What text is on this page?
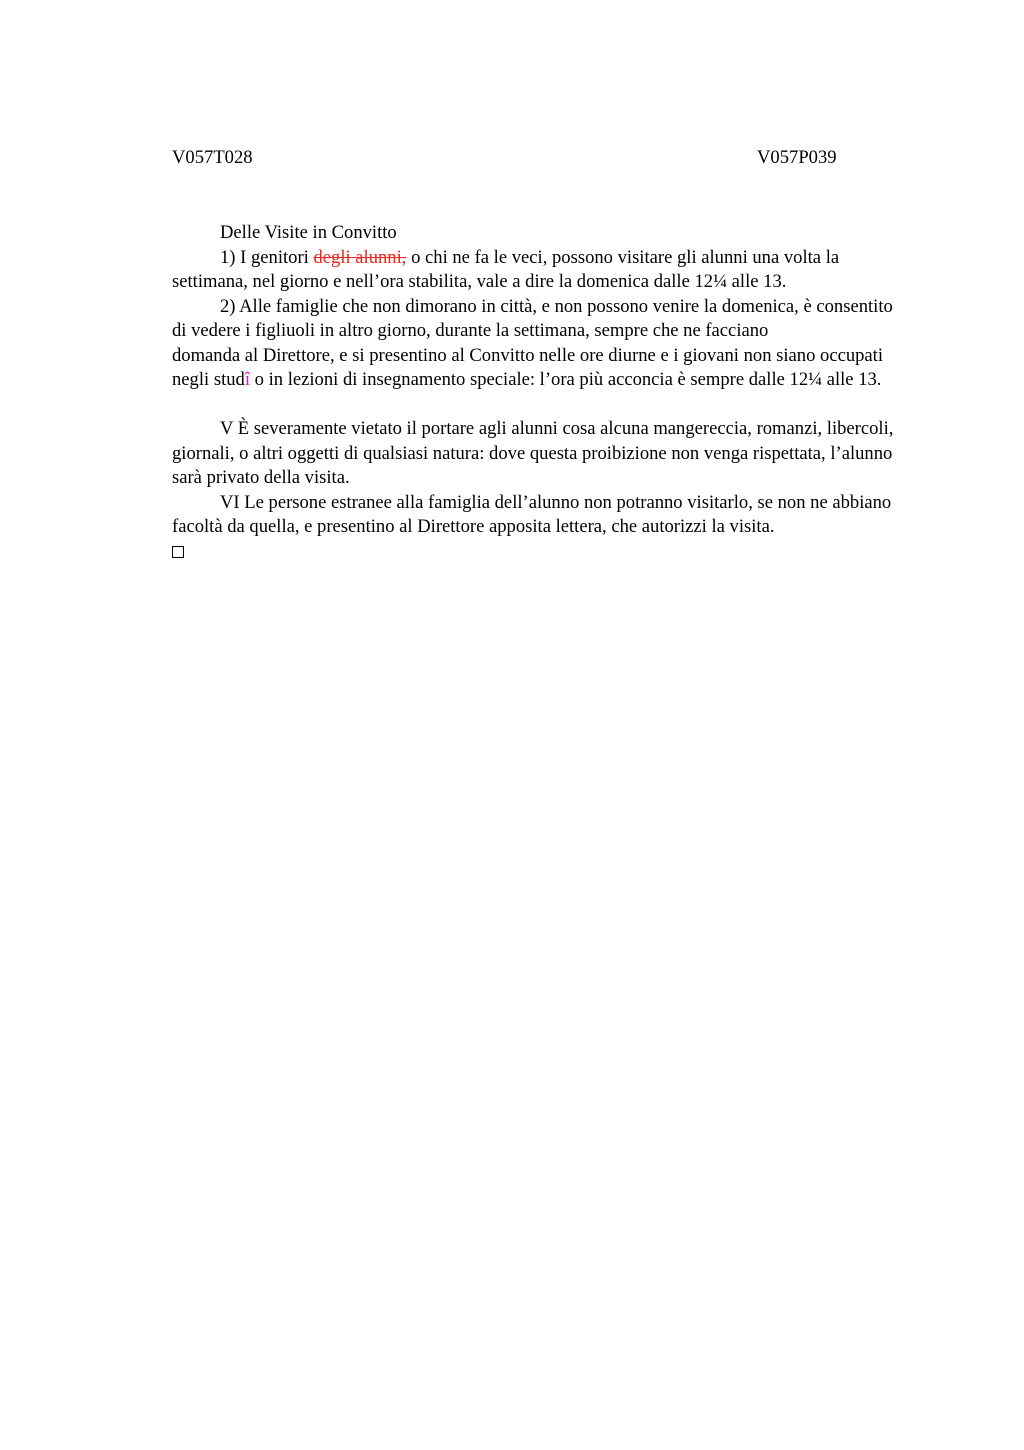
V057T028	V057P039

Delle Visite in Convitto

1) I genitori degli alunni, o chi ne fa le veci, possono visitare gli alunni una volta la settimana, nel giorno e nell’ora stabilita, vale a dire la domenica dalle 12¼ alle 13.

2) Alle famiglie che non dimorano in città, e non possono venire la domenica, è consentito di vedere i figliuoli in altro giorno, durante la settimana, sempre che ne facciano

domanda al Direttore, e si presentino al Convitto nelle ore diurne e i giovani non siano occupati negli studî o in lezioni di insegnamento speciale: l’ora più acconcia è sempre dalle 12¼ alle 13.

V È severamente vietato il portare agli alunni cosa alcuna mangereccia, romanzi, libercoli, giornali, o altri oggetti di qualsiasi natura: dove questa proibizione non venga rispettata, l’alunno sarà privato della visita.

VI Le persone estranee alla famiglia dell’alunno non potranno visitarlo, se non ne abbiano facoltà da quella, e presentino al Direttore apposita lettera, che autorizzi la visita.
